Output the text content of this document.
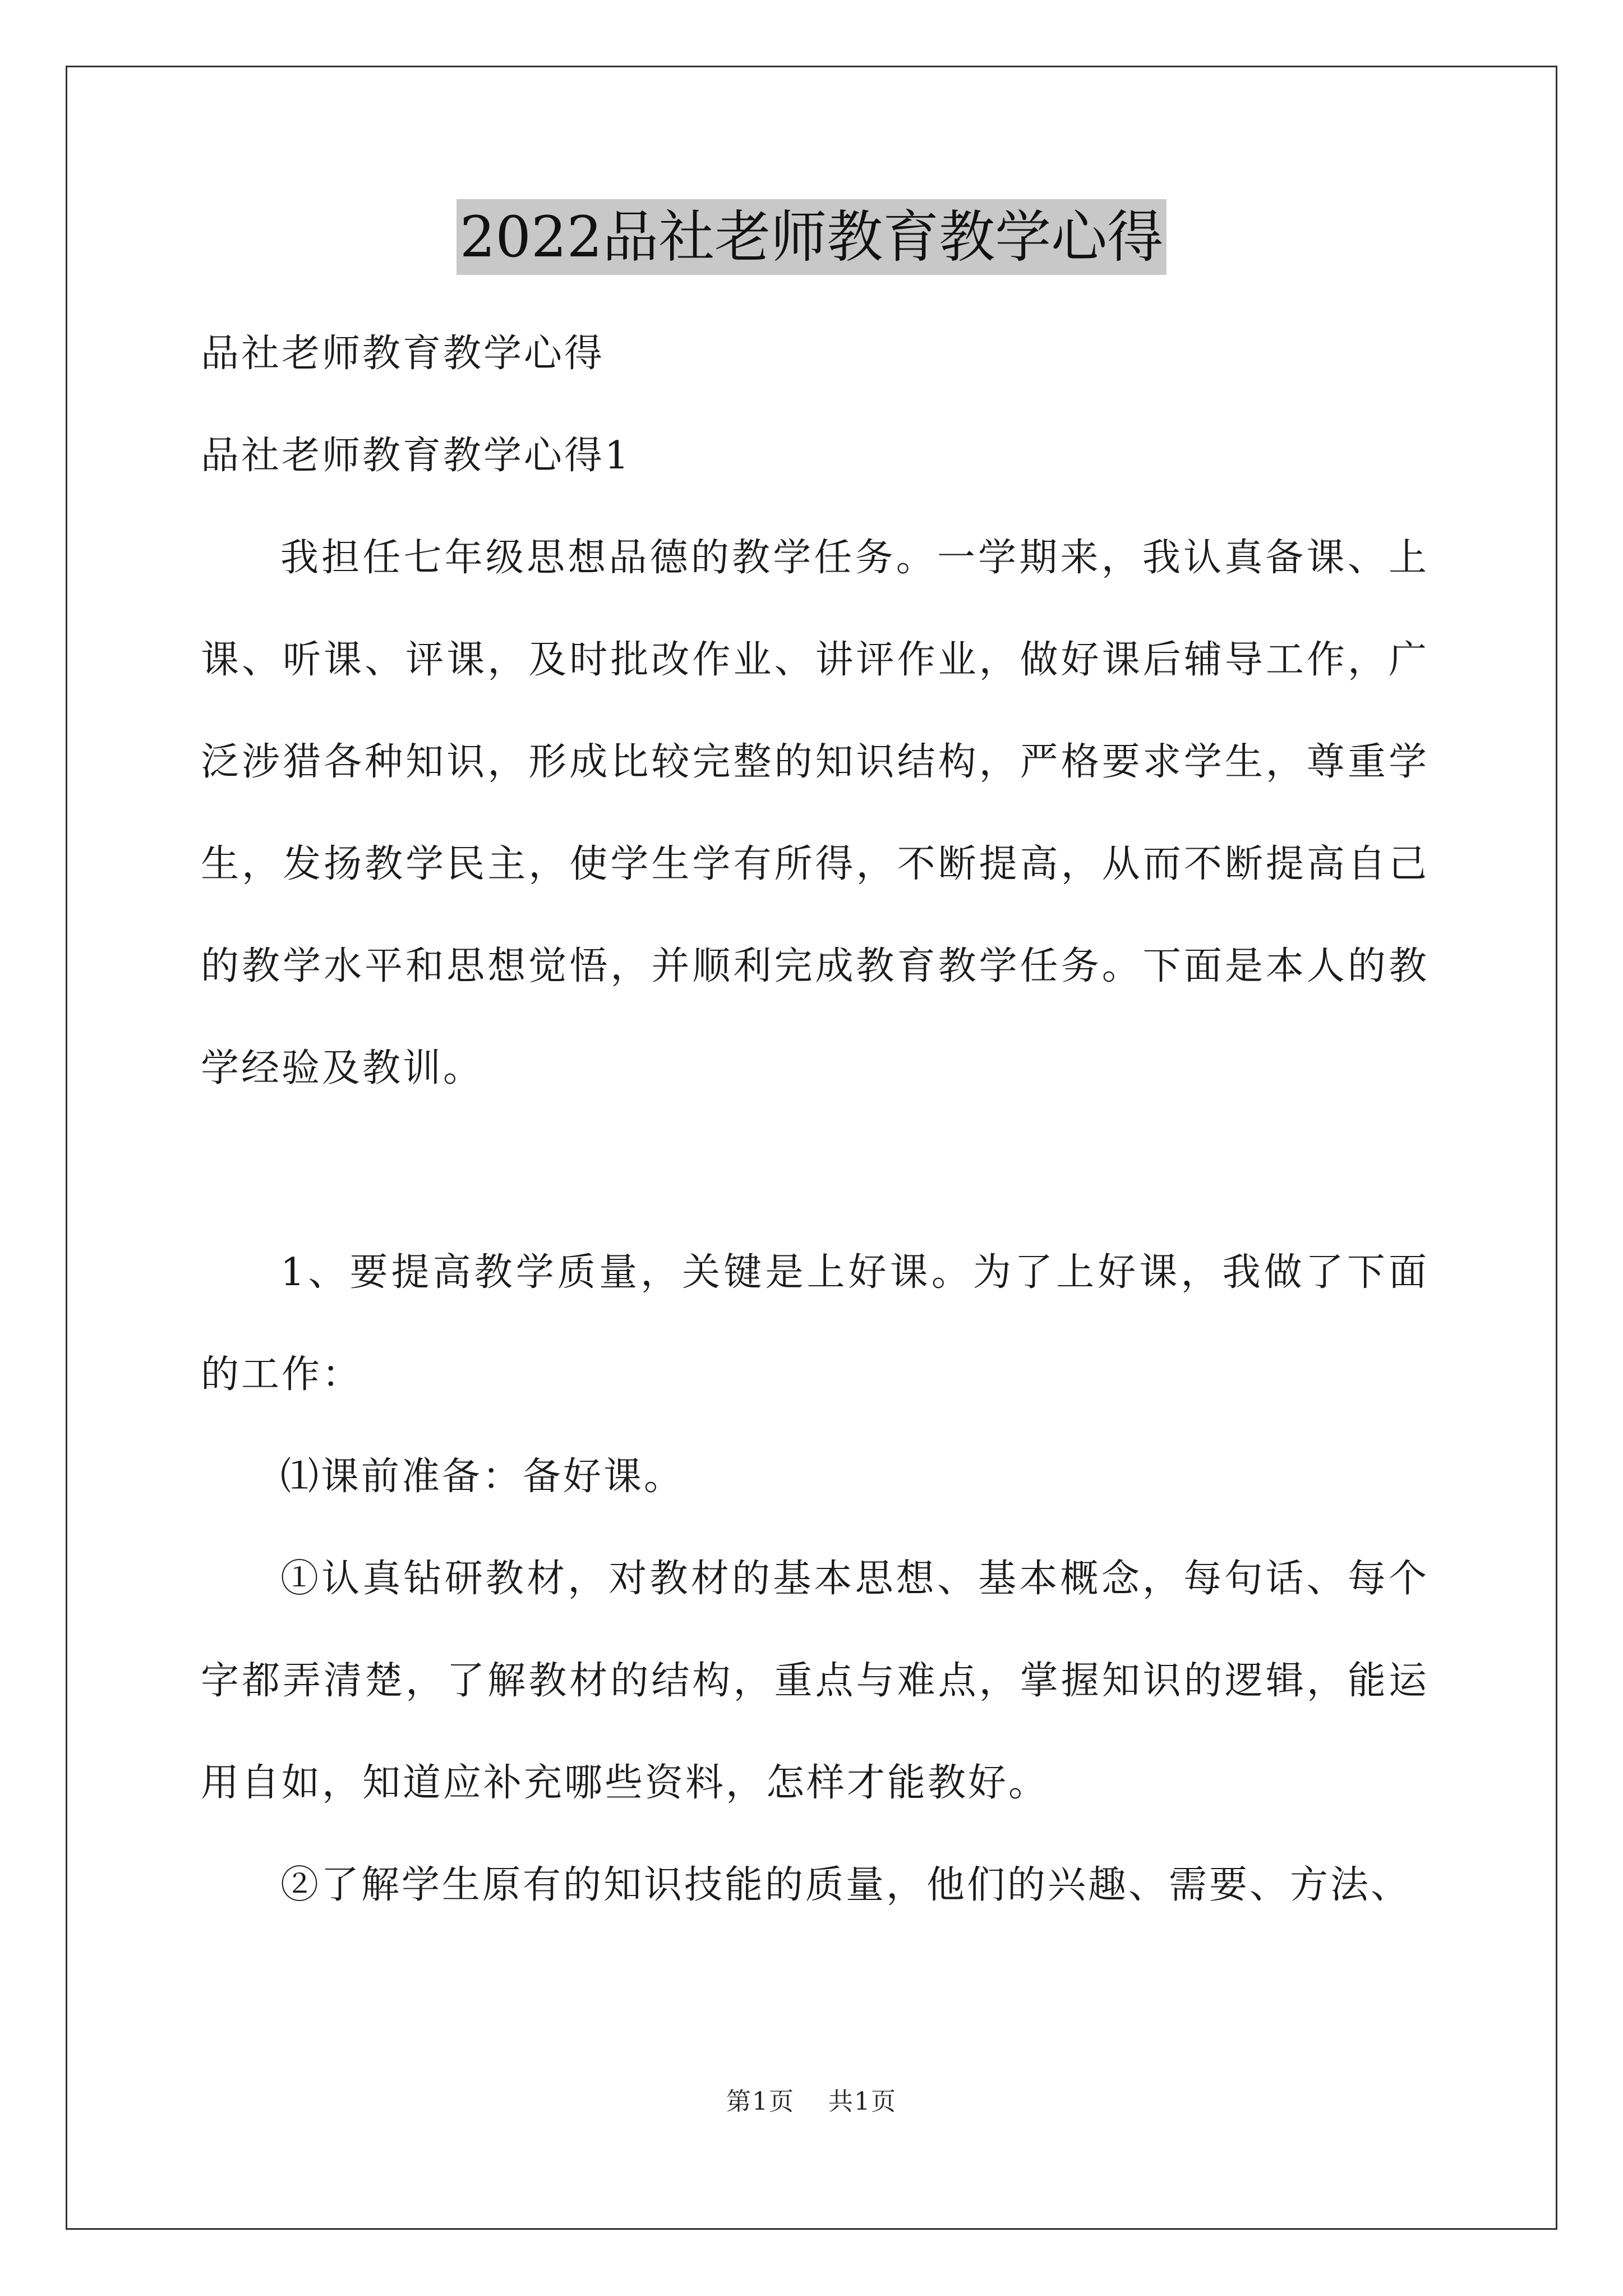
2022品社老师教育教学心得

品社老师教育教学心得

品社老师教育教学心得1

我担任七年级思想品德的教学任务。一学期来，我认真备课、上课、听课、评课，及时批改作业、讲评作业，做好课后辅导工作，广泛涉猎各种知识，形成比较完整的知识结构，严格要求学生，尊重学生，发扬教学民主，使学生学有所得，不断提高，从而不断提高自己的教学水平和思想觉悟，并顺利完成教育教学任务。下面是本人的教学经验及教训。

1、要提高教学质量，关键是上好课。为了上好课，我做了下面的工作：

⑴课前准备：备好课。

①认真钻研教材，对教材的基本思想、基本概念，每句话、每个字都弄清楚，了解教材的结构，重点与难点，掌握知识的逻辑，能运用自如，知道应补充哪些资料，怎样才能教好。

②了解学生原有的知识技能的质量，他们的兴趣、需要、方法、

第1页 共1页
